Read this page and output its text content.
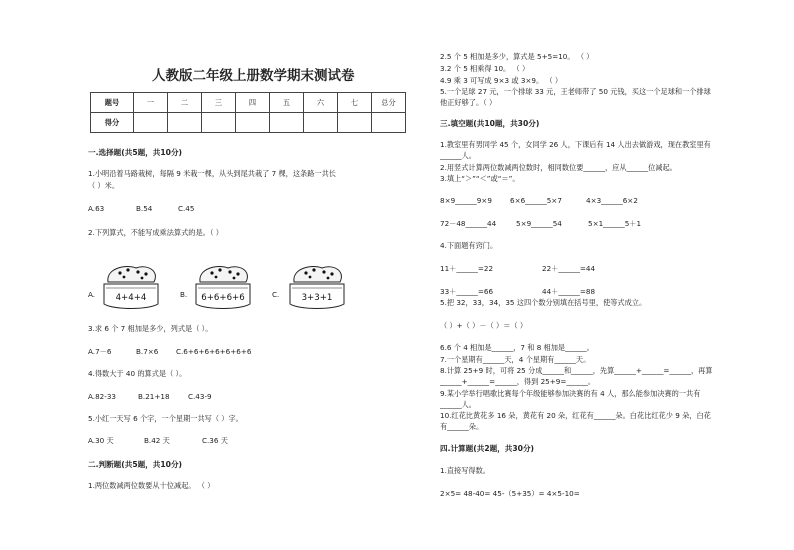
人教版二年级上册数学期末测试卷
题号	一	二	三	四	五	六	七	总分
得分								
一.选择题(共5题，共10分)
1.小明沿着马路栽树，每隔 9 米栽一棵，从头到尾共栽了 7 棵，这条路一共长
（ ）米。
A.63	B.54	C.45
2.下列算式，不能写成乘法算式的是。（ ）
A. 4+4+4	B. 6+6+6+6	C.	3+3+1
3.求 6 个 7 相加是多少，列式是（ ）。
A.7－6	B.7×6 C.6+6+6+6+6+6+6
4.得数大于 40 的算式是（ ）。
A.82-33	B.21+18	C.43-9
5.小红一天写 6 个字，一个星期一共写（ ）字。
A.30 天	B.42 天	C.36 天
二.判断题(共5题，共10分)
1.两位数减两位数要从十位减起。 （ ）
2.5 个 5 相加是多少，算式是 5+5=10。 （ ）
3.2 个 5 相乘得 10。 （ ）
4.9 乘 3 可写成 9×3 或 3×9。 （ ）
5.一个足球 27 元，一个排球 33 元，王老师带了 50 元钱，买这一个足球和一个排球
他正好够了。（ ）
三.填空题(共10题，共30分)
1.教室里有男同学 45 个，女同学 26 人，下课后有 14 人出去做游戏，现在教室里有
______人。
2.用竖式计算两位数减两位数时，相同数位要______，应从______位减起。
3.填上“＞”“＜”或“＝”。
8×9______9×9	6×6______5×7	4×3______6×2
72－48______44	5×9______54	5×1______5＋1
4.下面题有窍门。
11＋______=22	22＋______=44
33＋______=66	44＋______=88
5.把 32，33，34，35 这四个数分别填在括号里，使等式成立。
（ ）+（ ）－（ ）＝（ ）
6.6 个 4 相加是______，7 和 8 相加是______。
7.一个星期有______天，4 个星期有______天。
8.计算 25+9 时，可将 25 分成______和______，先算______+______=______，再算
______+______=______，得到 25+9=______。
9.某小学举行唱歌比赛每个年级能够参加决赛的有 4 人，那么能参加决赛的一共有
______人。
10.红花比黄花多 16 朵，黄花有 20 朵，红花有______朵。白花比红花少 9 朵，白花
有______朵。
四.计算题(共2题，共30分)
1.直接写得数。
2×5= 48-40= 45-（5+35）= 4×5-10=
